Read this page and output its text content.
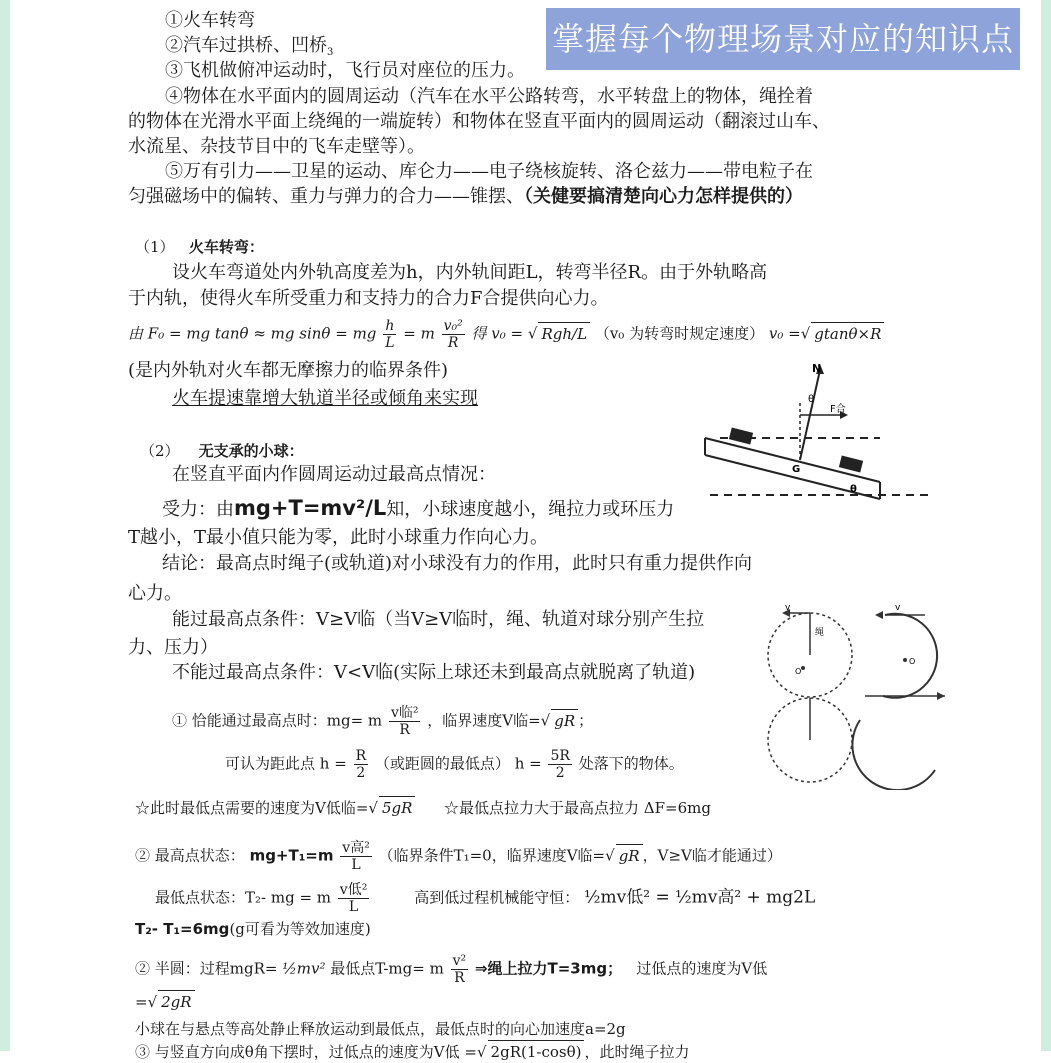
掌握每个物理场景对应的知识点
①火车转弯
②汽车过拱桥、凹桥$_3$
③飞机做俯冲运动时，飞行员对座位的压力。
④物体在水平面内的圆周运动（汽车在水平公路转弯，水平转盘上的物体，绳拴着
的物体在光滑水平面上绕绳的一端旋转）和物体在竖直平面内的圆周运动（翻滚过山车、
水流星、杂技节目中的飞车走壁等）。
⑤万有引力——卫星的运动、库仑力——电子绕核旋转、洛仑兹力——带电粒子在
匀强磁场中的偏转、重力与弹力的合力——锥摆、（关健要搞清楚向心力怎样提供的）
（1） 火车转弯：
设火车弯道处内外轨高度差为h，内外轨间距L，转弯半径R。由于外轨略高
于内轨，使得火车所受重力和支持力的合力F合提供向心力。
由 F₀ = mg tanθ ≈ mg sinθ = mg $\frac{h}{L} = m \frac{\text{v₀²}}{R}$ 得 v₀ = √ Rgh/L （v₀ 为转弯时规定速度） v₀ =√ gtanθ×R
(是内外轨对火车都无摩擦力的临界条件)
火车提速靠增大轨道半径或倾角来实现
N
θ
F合
G
θ
（2） 无支承的小球：
在竖直平面内作圆周运动过最高点情况：
受力：由mg+T=mv²/L知，小球速度越小，绳拉力或环压力
T越小，T最小值只能为零，此时小球重力作向心力。
结论：最高点时绳子(或轨道)对小球没有力的作用，此时只有重力提供作向
心力。
能过最高点条件：V≥V临（当V≥V临时，绳、轨道对球分别产生拉
力、压力）
不能过最高点条件：V<V临(实际上球还未到最高点就脱离了轨道)
① 恰能通过最高点时：mg= m $\frac{\text{v临²}}{R}$ ，临界速度V临=√ gR ；
可认为距此点 $h = \frac{R}{2}$ （或距圆的最低点） $h = \frac{5R}{2}$ 处落下的物体。
☆此时最低点需要的速度为V低临=√ 5gR ☆最低点拉力大于最高点拉力 ΔF=6mg
② 最高点状态： $mg+T_1=m \frac{\text{v高²}}{L}$ （临界条件T₁=0，临界速度V临=√ gR ，V≥V临才能通过）
最低点状态：T₂- mg = m $\frac{\text{v低²}}{L}$	高到低过程机械能守恒： ½mv低² = ½mv高² + mg2L
T₂- T₁=6mg(g可看为等效加速度)
② 半圆：过程mgR= ½mv² 最低点T-mg= m $\frac{\text{v²}}{R}$ ⇒绳上拉力T=3mg； 过低点的速度为V低
=√ 2gR
小球在与悬点等高处静止释放运动到最低点，最低点时的向心加速度a=2g
③ 与竖直方向成θ角下摆时，过低点的速度为V低 =√ 2gR(1-cosθ) ，此时绳子拉力
v	v
绳
O
O
